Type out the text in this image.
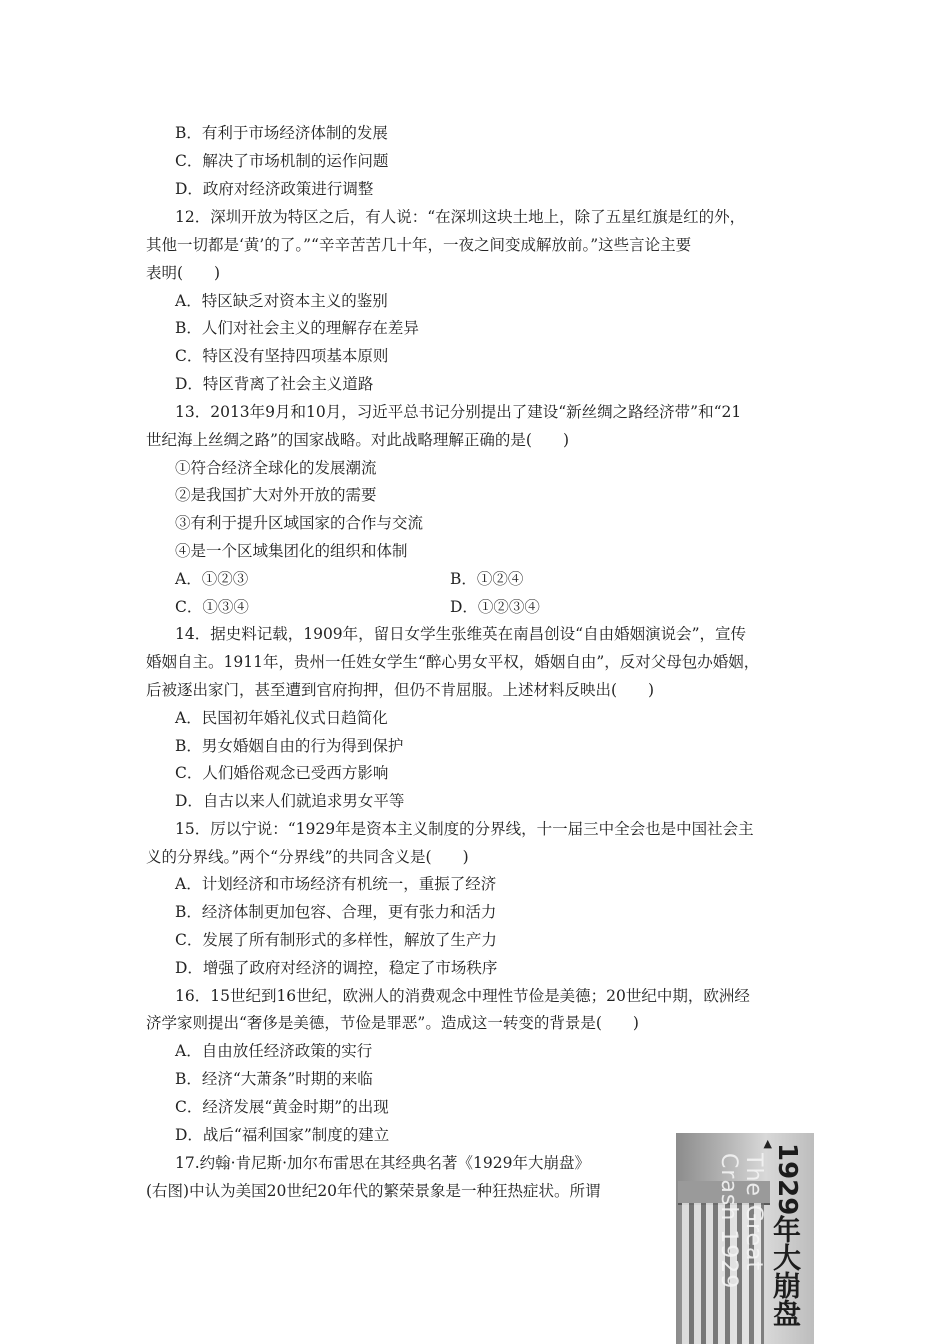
B．有利于市场经济体制的发展
C．解决了市场机制的运作问题
D．政府对经济政策进行调整
12．深圳开放为特区之后，有人说：“在深圳这块土地上，除了五星红旗是红的外，
其他一切都是‘黄’的了。”“辛辛苦苦几十年，一夜之间变成解放前。”这些言论主要
表明(　　)
A．特区缺乏对资本主义的鉴别
B．人们对社会主义的理解存在差异
C．特区没有坚持四项基本原则
D．特区背离了社会主义道路
13．2013年9月和10月，习近平总书记分别提出了建设“新丝绸之路经济带”和“21
世纪海上丝绸之路”的国家战略。对此战略理解正确的是(　　)
①符合经济全球化的发展潮流
②是我国扩大对外开放的需要
③有利于提升区域国家的合作与交流
④是一个区域集团化的组织和体制
A．①②③	B．①②④
C．①③④	D．①②③④
14．据史料记载，1909年，留日女学生张维英在南昌创设“自由婚姻演说会”，宣传
婚姻自主。1911年，贵州一任姓女学生“醉心男女平权，婚姻自由”，反对父母包办婚姻，
后被逐出家门，甚至遭到官府拘押，但仍不肯屈服。上述材料反映出(　　)
A．民国初年婚礼仪式日趋简化
B．男女婚姻自由的行为得到保护
C．人们婚俗观念已受西方影响
D．自古以来人们就追求男女平等
15．厉以宁说：“1929年是资本主义制度的分界线，十一届三中全会也是中国社会主
义的分界线。”两个“分界线”的共同含义是(　　)
A．计划经济和市场经济有机统一，重振了经济
B．经济体制更加包容、合理，更有张力和活力
C．发展了所有制形式的多样性，解放了生产力
D．增强了政府对经济的调控，稳定了市场秩序
16．15世纪到16世纪，欧洲人的消费观念中理性节俭是美德；20世纪中期，欧洲经
济学家则提出“奢侈是美德，节俭是罪恶”。造成这一转变的背景是(　　)
A．自由放任经济政策的实行
B．经济“大萧条”时期的来临
C．经济发展“黄金时期”的出现
D．战后“福利国家”制度的建立
17.约翰·肯尼斯·加尔布雷思在其经典名著《1929年大崩盘》
(右图)中认为美国20世纪20年代的繁荣景象是一种狂热症状。所谓
▲
The Great Crash 1929	1929
年大崩盘
